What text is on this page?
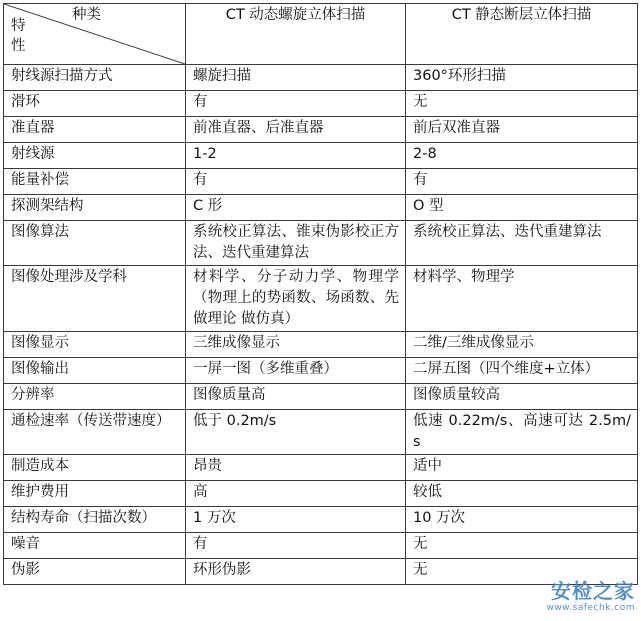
种类
特性	CT 动态螺旋立体扫描	CT 静态断层立体扫描

射线源扫描方式	螺旋扫描	360°环形扫描
滑环	有	无
准直器	前准直器、后准直器	前后双准直器
射线源	1-2	2-8
能量补偿	有	有
探测架结构	C 形	O 型
图像算法	系统校正算法、锥束伪影校正方法、迭代重建算法	系统校正算法、迭代重建算法
图像处理涉及学科	材料学、分子动力学、物理学（物理上的势函数、场函数、先做理论 做仿真）	材料学、物理学
图像显示	三维成像显示	二维/三维成像显示
图像输出	一屏一图（多维重叠）	二屏五图（四个维度+立体）
分辨率	图像质量高	图像质量较高
通检速率（传送带速度）	低于 0.2m/s	低速 0.22m/s、高速可达 2.5m/s
制造成本	昂贵	适中
维护费用	高	较低
结构寿命（扫描次数）	1 万次	10 万次
噪音	有	无
伪影	环形伪影	无
安检之家
www.safechk.com
